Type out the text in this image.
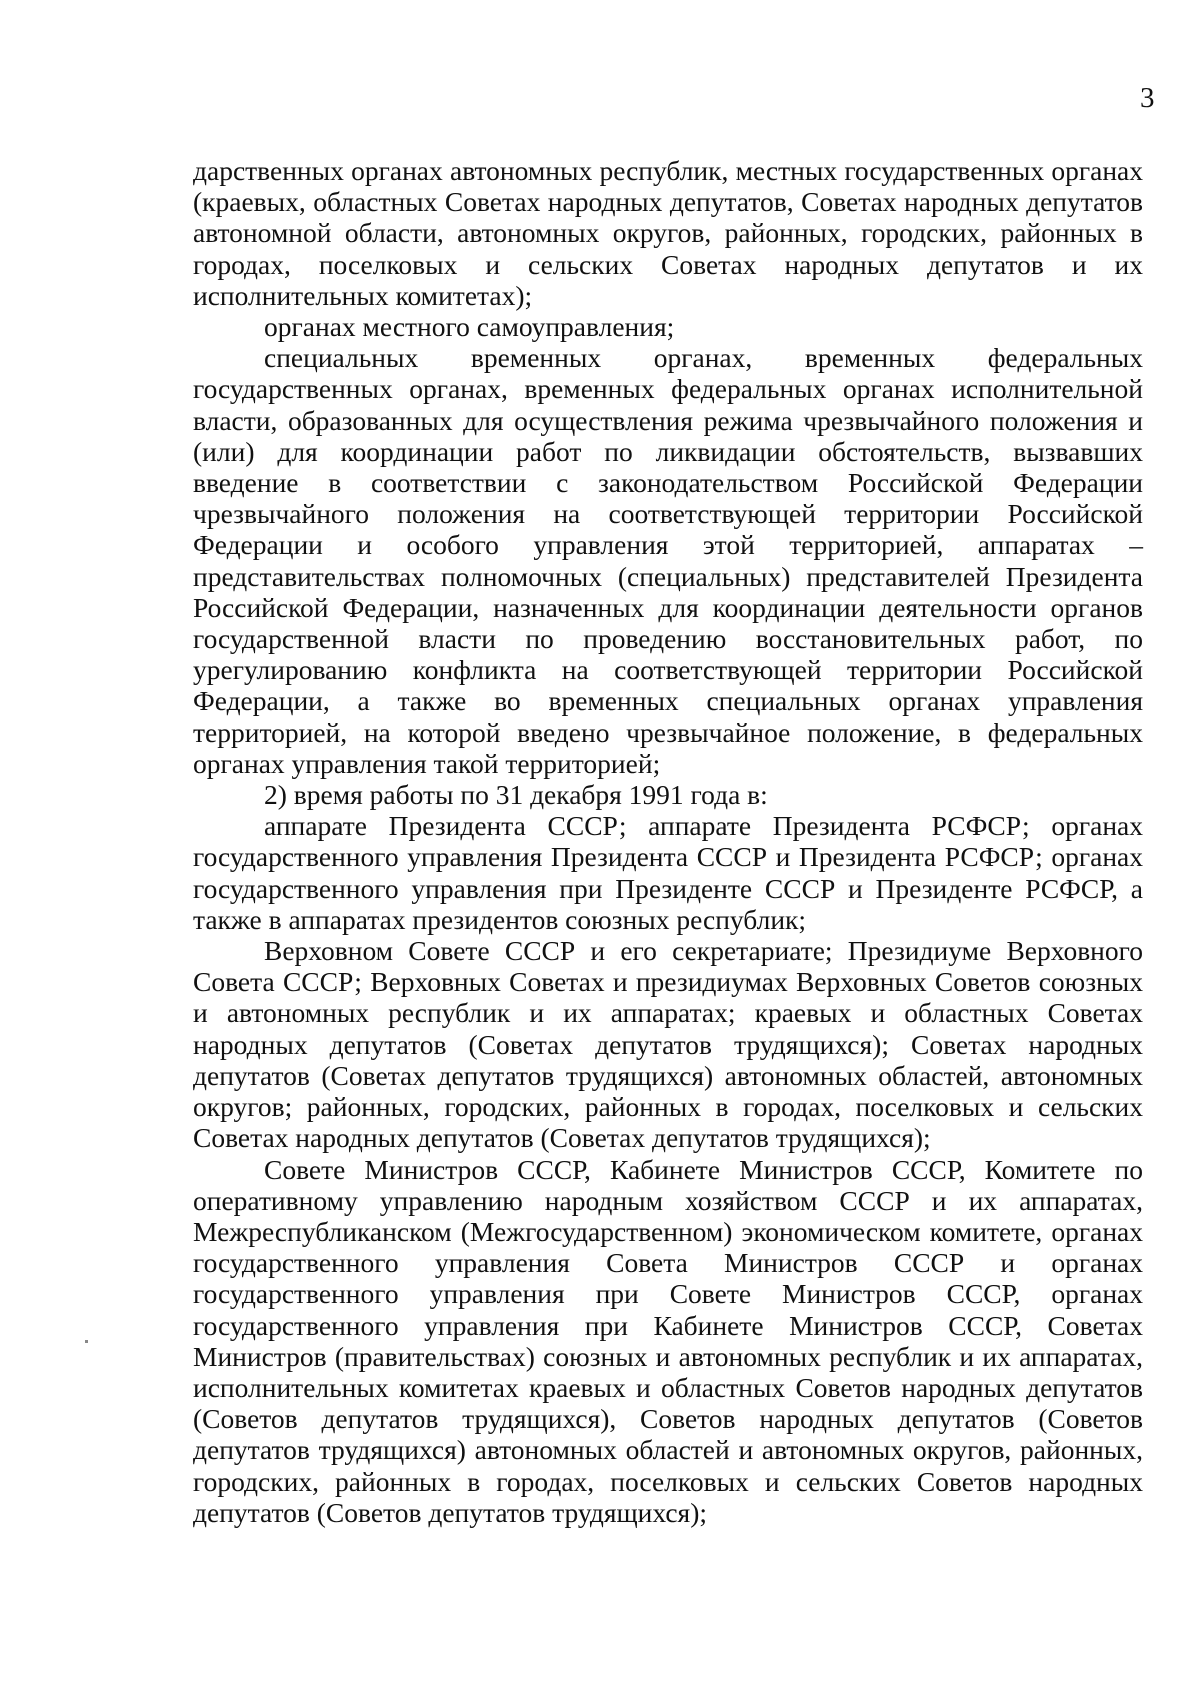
3

дарственных органах автономных республик, местных государственных органах (краевых, областных Советах народных депутатов, Советах народных депутатов автономной области, автономных округов, районных, городских, районных в городах, поселковых и сельских Советах народных депутатов и их исполнительных комитетах);

органах местного самоуправления;

специальных временных органах, временных федеральных государственных органах, временных федеральных органах исполнительной власти, образованных для осуществления режима чрезвычайного положения и (или) для координации работ по ликвидации обстоятельств, вызвавших введение в соответствии с законодательством Российской Федерации чрезвычайного положения на соответствующей территории Российской Федерации и особого управления этой территорией, аппаратах – представительствах полномочных (специальных) представителей Президента Российской Федерации, назначенных для координации деятельности органов государственной власти по проведению восстановительных работ, по урегулированию конфликта на соответствующей территории Российской Федерации, а также во временных специальных органах управления территорией, на которой введено чрезвычайное положение, в федеральных органах управления такой территорией;

2) время работы по 31 декабря 1991 года в:

аппарате Президента СССР; аппарате Президента РСФСР; органах государственного управления Президента СССР и Президента РСФСР; органах государственного управления при Президенте СССР и Президенте РСФСР, а также в аппаратах президентов союзных республик;

Верховном Совете СССР и его секретариате; Президиуме Верховного Совета СССР; Верховных Советах и президиумах Верховных Советов союзных и автономных республик и их аппаратах; краевых и областных Советах народных депутатов (Советах депутатов трудящихся); Советах народных депутатов (Советах депутатов трудящихся) автономных областей, автономных округов; районных, городских, районных в городах, поселковых и сельских Советах народных депутатов (Советах депутатов трудящихся);

Совете Министров СССР, Кабинете Министров СССР, Комитете по оперативному управлению народным хозяйством СССР и их аппаратах, Межреспубликанском (Межгосударственном) экономическом комитете, органах государственного управления Совета Министров СССР и органах государственного управления при Совете Министров СССР, органах государственного управления при Кабинете Министров СССР, Советах Министров (правительствах) союзных и автономных республик и их аппаратах, исполнительных комитетах краевых и областных Советов народных депутатов (Советов депутатов трудящихся), Советов народных депутатов (Советов депутатов трудящихся) автономных областей и автономных округов, районных, городских, районных в городах, поселковых и сельских Советов народных депутатов (Советов депутатов трудящихся);
